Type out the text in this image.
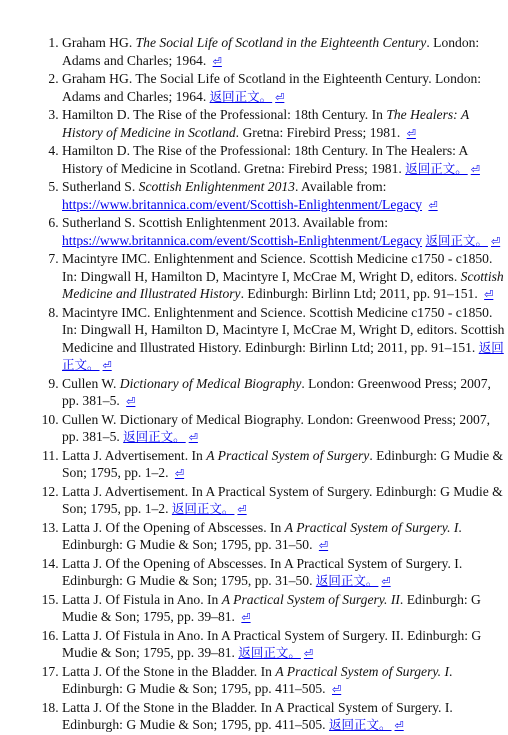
1. Graham HG. The Social Life of Scotland in the Eighteenth Century. London: Adams and Charles; 1964. ⏎
2. Graham HG. The Social Life of Scotland in the Eighteenth Century. London: Adams and Charles; 1964. 返回正文。 ⏎
3. Hamilton D. The Rise of the Professional: 18th Century. In The Healers: A History of Medicine in Scotland. Gretna: Firebird Press; 1981. ⏎
4. Hamilton D. The Rise of the Professional: 18th Century. In The Healers: A History of Medicine in Scotland. Gretna: Firebird Press; 1981. 返回正文。 ⏎
5. Sutherland S. Scottish Enlightenment 2013. Available from: https://www.britannica.com/event/Scottish-Enlightenment/Legacy ⏎
6. Sutherland S. Scottish Enlightenment 2013. Available from: https://www.britannica.com/event/Scottish-Enlightenment/Legacy 返回正文。 ⏎
7. Macintyre IMC. Enlightenment and Science. Scottish Medicine c1750 - c1850. In: Dingwall H, Hamilton D, Macintyre I, McCrae M, Wright D, editors. Scottish Medicine and Illustrated History. Edinburgh: Birlinn Ltd; 2011, pp. 91–151. ⏎
8. Macintyre IMC. Enlightenment and Science. Scottish Medicine c1750 - c1850. In: Dingwall H, Hamilton D, Macintyre I, McCrae M, Wright D, editors. Scottish Medicine and Illustrated History. Edinburgh: Birlinn Ltd; 2011, pp. 91–151. 返回正文。 ⏎
9. Cullen W. Dictionary of Medical Biography. London: Greenwood Press; 2007, pp. 381–5. ⏎
10. Cullen W. Dictionary of Medical Biography. London: Greenwood Press; 2007, pp. 381–5. 返回正文。 ⏎
11. Latta J. Advertisement. In A Practical System of Surgery. Edinburgh: G Mudie & Son; 1795, pp. 1–2. ⏎
12. Latta J. Advertisement. In A Practical System of Surgery. Edinburgh: G Mudie & Son; 1795, pp. 1–2. 返回正文。 ⏎
13. Latta J. Of the Opening of Abscesses. In A Practical System of Surgery. I. Edinburgh: G Mudie & Son; 1795, pp. 31–50. ⏎
14. Latta J. Of the Opening of Abscesses. In A Practical System of Surgery. I. Edinburgh: G Mudie & Son; 1795, pp. 31–50. 返回正文。 ⏎
15. Latta J. Of Fistula in Ano. In A Practical System of Surgery. II. Edinburgh: G Mudie & Son; 1795, pp. 39–81. ⏎
16. Latta J. Of Fistula in Ano. In A Practical System of Surgery. II. Edinburgh: G Mudie & Son; 1795, pp. 39–81. 返回正文。 ⏎
17. Latta J. Of the Stone in the Bladder. In A Practical System of Surgery. I. Edinburgh: G Mudie & Son; 1795, pp. 411–505. ⏎
18. Latta J. Of the Stone in the Bladder. In A Practical System of Surgery. I. Edinburgh: G Mudie & Son; 1795, pp. 411–505. 返回正文。 ⏎
